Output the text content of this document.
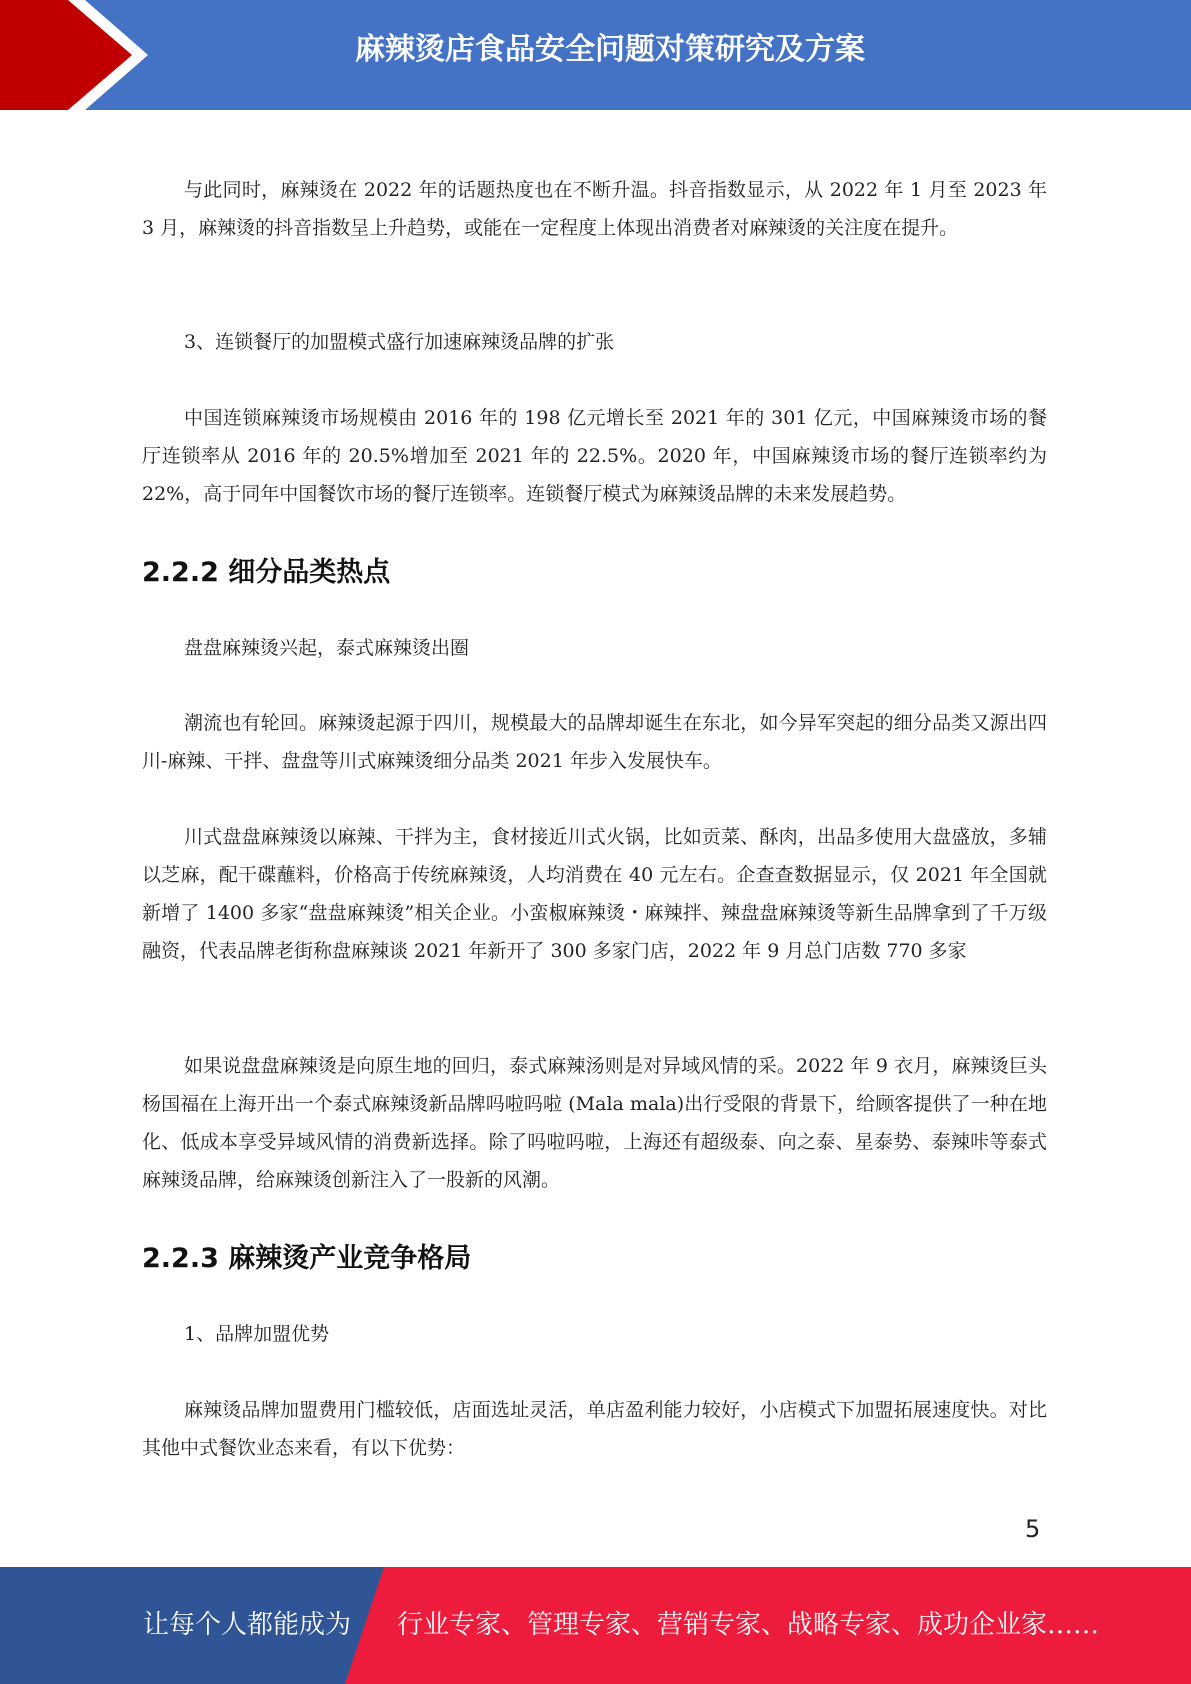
麻辣烫店食品安全问题对策研究及方案

与此同时，麻辣烫在 2022 年的话题热度也在不断升温。抖音指数显示，从 2022 年 1 月至 2023 年 3 月，麻辣烫的抖音指数呈上升趋势，或能在一定程度上体现出消费者对麻辣烫的关注度在提升。

3、连锁餐厅的加盟模式盛行加速麻辣烫品牌的扩张

中国连锁麻辣烫市场规模由 2016 年的 198 亿元增长至 2021 年的 301 亿元，中国麻辣烫市场的餐厅连锁率从 2016 年的 20.5%增加至 2021 年的 22.5%。2020 年，中国麻辣烫市场的餐厅连锁率约为 22%，高于同年中国餐饮市场的餐厅连锁率。连锁餐厅模式为麻辣烫品牌的未来发展趋势。

2.2.2 细分品类热点

盘盘麻辣烫兴起，泰式麻辣烫出圈

潮流也有轮回。麻辣烫起源于四川，规模最大的品牌却诞生在东北，如今异军突起的细分品类又源出四川-麻辣、干拌、盘盘等川式麻辣烫细分品类 2021 年步入发展快车。

川式盘盘麻辣烫以麻辣、干拌为主，食材接近川式火锅，比如贡菜、酥肉，出品多使用大盘盛放，多辅以芝麻，配干碟蘸料，价格高于传统麻辣烫，人均消费在 40 元左右。企查查数据显示，仅 2021 年全国就新增了 1400 多家“盘盘麻辣烫”相关企业。小蛮椒麻辣烫・麻辣拌、辣盘盘麻辣烫等新生品牌拿到了千万级融资，代表品牌老街称盘麻辣谈 2021 年新开了 300 多家门店，2022 年 9 月总门店数 770 多家

如果说盘盘麻辣烫是向原生地的回归，泰式麻辣汤则是对异域风情的采。2022 年 9 衣月，麻辣烫巨头杨国福在上海开出一个泰式麻辣烫新品牌吗啦吗啦 (Mala mala)出行受限的背景下，给顾客提供了一种在地化、低成本享受异域风情的消费新选择。除了吗啦吗啦，上海还有超级泰、向之泰、星泰势、泰辣咔等泰式麻辣烫品牌，给麻辣烫创新注入了一股新的风潮。

2.2.3 麻辣烫产业竞争格局

1、品牌加盟优势

麻辣烫品牌加盟费用门槛较低，店面选址灵活，单店盈利能力较好，小店模式下加盟拓展速度快。对比其他中式餐饮业态来看，有以下优势：

5
让每个人都能成为 行业专家、管理专家、营销专家、战略专家、成功企业家……
